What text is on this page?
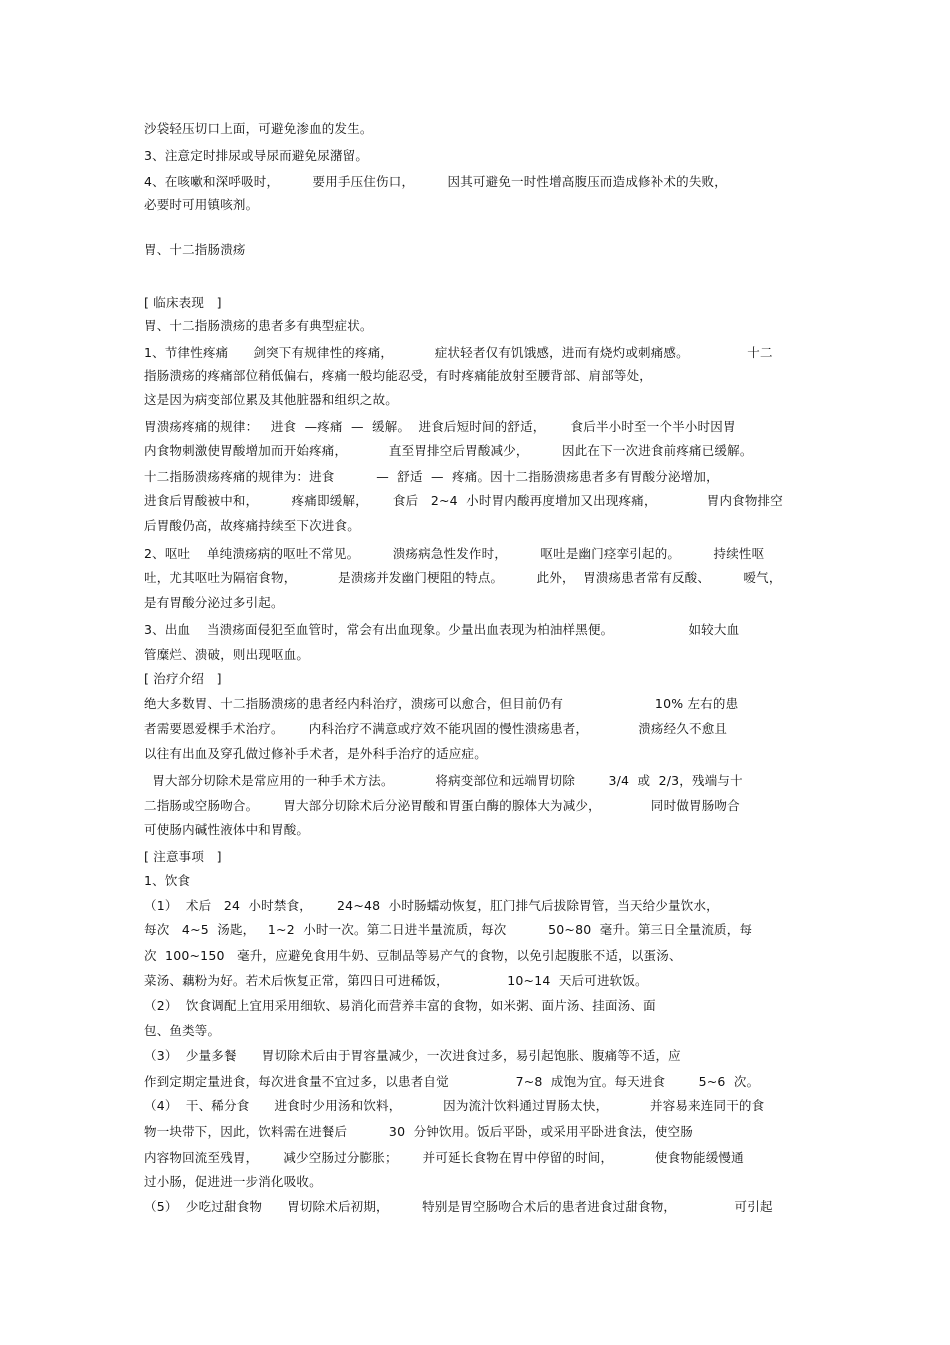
沙袋轻压切口上面，可避免渗血的发生。

3、注意定时排尿或导尿而避免尿潴留。

4、在咳嗽和深呼吸时，        要用手压住伤口，        因其可避免一时性增高腹压而造成修补术的失败，

必要时可用镇咳剂。

胃、十二指肠溃疡

[ 临床表现   ]

胃、十二指肠溃疡的患者多有典型症状。

1、节律性疼痛      剑突下有规律性的疼痛，          症状轻者仅有饥饿感，进而有烧灼或刺痛感。              十二

指肠溃疡的疼痛部位稍低偏右，疼痛一般均能忍受，有时疼痛能放射至腰背部、肩部等处，

这是因为病变部位累及其他脏器和组织之故。

胃溃疡疼痛的规律：   进食  —疼痛  —  缓解。  进食后短时间的舒适，      食后半小时至一个半小时因胃

内食物刺激使胃酸增加而开始疼痛，          直至胃排空后胃酸减少，        因此在下一次进食前疼痛已缓解。

十二指肠溃疡疼痛的规律为：进食          —  舒适  —  疼痛。因十二指肠溃疡患者多有胃酸分泌增加，

进食后胃酸被中和，        疼痛即缓解，      食后   2~4  小时胃内酸再度增加又出现疼痛，            胃内食物排空

后胃酸仍高，故疼痛持续至下次进食。

2、呕吐    单纯溃疡病的呕吐不常见。        溃疡病急性发作时，        呕吐是幽门痉挛引起的。        持续性呕

吐，尤其呕吐为隔宿食物，          是溃疡并发幽门梗阻的特点。        此外，  胃溃疡患者常有反酸、        嗳气，

是有胃酸分泌过多引起。

3、出血    当溃疡面侵犯至血管时，常会有出血现象。少量出血表现为柏油样黑便。                  如较大血

管糜烂、溃破，则出现呕血。

[ 治疗介绍   ]

绝大多数胃、十二指肠溃疡的患者经内科治疗，溃疡可以愈合，但目前仍有                      10% 左右的患

者需要恩爱棵手术治疗。      内科治疗不满意或疗效不能巩固的慢性溃疡患者，            溃疡经久不愈且

以往有出血及穿孔做过修补手术者，是外科手治疗的适应症。

胃大部分切除术是常应用的一种手术方法。          将病变部位和远端胃切除        3/4  或  2/3，残端与十

二指肠或空肠吻合。      胃大部分切除术后分泌胃酸和胃蛋白酶的腺体大为减少，            同时做胃肠吻合

可使肠内碱性液体中和胃酸。

[ 注意事项   ]

1、饮食

（1）  术后   24  小时禁食，      24~48  小时肠蠕动恢复，肛门排气后拔除胃管，当天给少量饮水，

每次   4~5  汤匙，   1~2  小时一次。第二日进半量流质，每次          50~80  毫升。第三日全量流质，每

次  100~150   毫升，应避免食用牛奶、豆制品等易产气的食物，以免引起腹胀不适，以蛋汤、

菜汤、藕粉为好。若术后恢复正常，第四日可进稀饭，              10~14  天后可进软饭。

（2）  饮食调配上宜用采用细软、易消化而营养丰富的食物，如米粥、面片汤、挂面汤、面

包、鱼类等。

（3）  少量多餐      胃切除术后由于胃容量减少，一次进食过多，易引起饱胀、腹痛等不适，应

作到定期定量进食，每次进食量不宜过多，以患者自觉                7~8  成饱为宜。每天进食        5~6  次。

（4）  干、稀分食      进食时少用汤和饮料，          因为流汁饮料通过胃肠太快，          并容易来连同干的食

物一块带下，因此，饮料需在进餐后          30  分钟饮用。饭后平卧，或采用平卧进食法，使空肠

内容物回流至残胃，      减少空肠过分膨胀；      并可延长食物在胃中停留的时间，          使食物能缓慢通

过小肠，促进进一步消化吸收。

（5）  少吃过甜食物      胃切除术后初期，        特别是胃空肠吻合术后的患者进食过甜食物，              可引起
